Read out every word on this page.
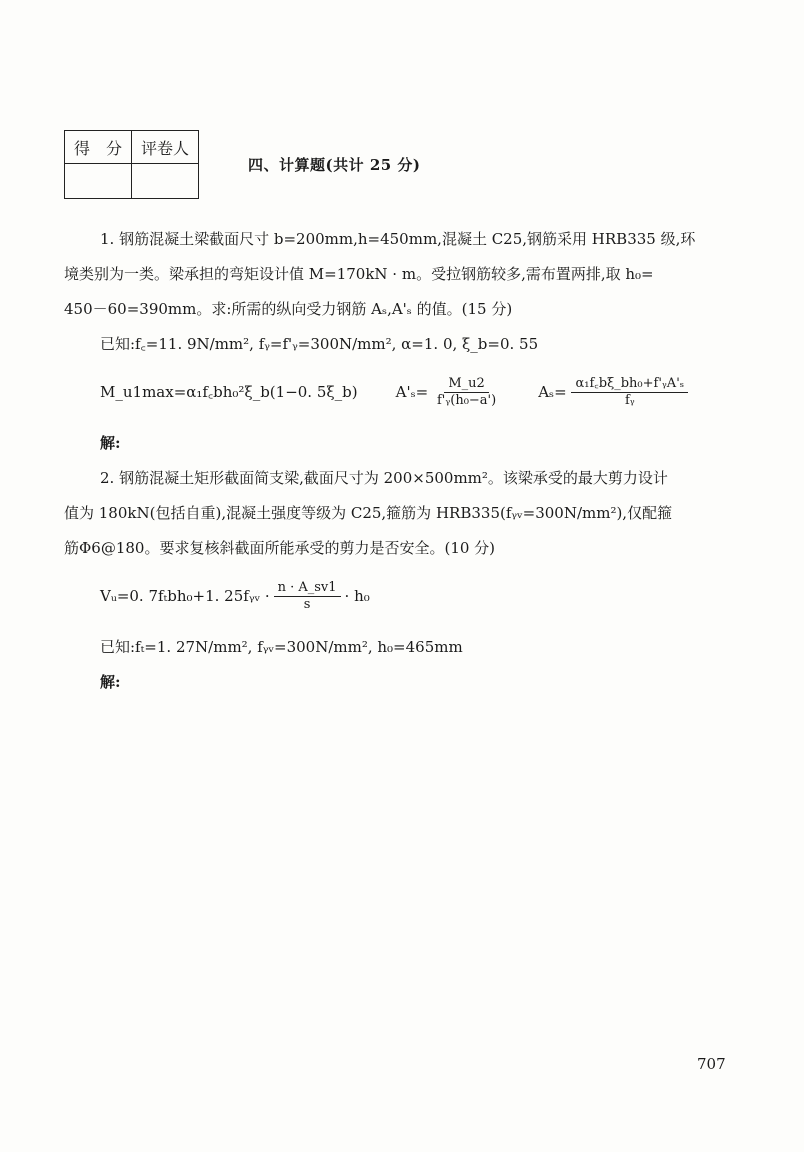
得　分	评卷人

四、计算题(共计 25 分)

1. 钢筋混凝土梁截面尺寸 b=200mm,h=450mm,混凝土 C25,钢筋采用 HRB335 级,环

境类别为一类。梁承担的弯矩设计值 M=170kN · m。受拉钢筋较多,需布置两排,取 h₀=

450－60=390mm。求:所需的纵向受力钢筋 Aₛ,A'ₛ 的值。(15 分)

已知:f꜀=11. 9N/mm², fᵧ=f'ᵧ=300N/mm², α=1. 0, ξ_b=0. 55

M_u1max=α₁f꜀bh₀²ξ_b(1−0. 5ξ_b)	$A'_s= \frac{M\_u2}{\text{f'ᵧ(h₀−a')}}$	$A_s= \frac{\text{α₁f꜀bξ\_bh₀+f'ᵧA'ₛ}}{\text{fᵧ}}$

解:

2. 钢筋混凝土矩形截面简支梁,截面尺寸为 200×500mm²。该梁承受的最大剪力设计

值为 180kN(包括自重),混凝土强度等级为 C25,箍筋为 HRB335(fᵧᵥ=300N/mm²),仅配箍

筋Φ6@180。要求复核斜截面所能承受的剪力是否安全。(10 分)

Vᵤ=0. 7fₜbh₀+1. 25fᵧᵥ · $\frac{n \cdot A\_sv1}{s} \cdot h_0$

已知:fₜ=1. 27N/mm², fᵧᵥ=300N/mm², h₀=465mm

解:

707
